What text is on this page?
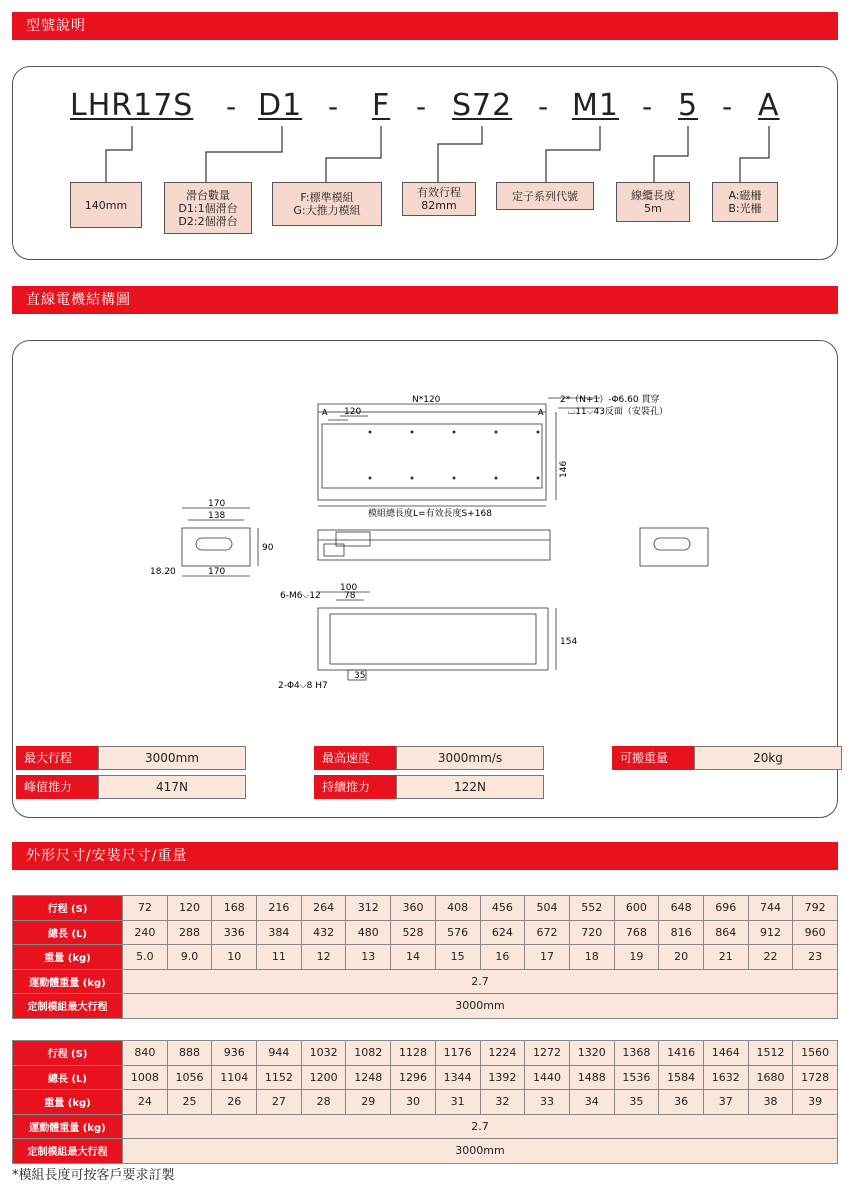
型號說明
LHR17S - D1 - F - S72 - M1 - 5 - A
140mm
滑台數量
D1:1個滑台
D2:2個滑台
F:標準模組
G:大推力模組
有效行程
82mm
定子系列代號	線纜長度
5m
A:磁柵
B:光柵
直線電機結構圖
N*120
A	A
120
2*（N+1）-Φ6.60 貫穿
⌴11⌵43反面（安裝孔）
146
模組總長度L=有效長度S+168
170
138
90
18.20	170
100
78
6-M6⌵12
154
35
2-Φ4⌵8 H7
最大行程	3000mm
峰值推力	417N
最高速度	3000mm/s
持續推力	122N
可搬重量	20kg
外形尺寸/安裝尺寸/重量
行程 (S)	72	120	168	216	264	312	360	408	456	504	552	600	648	696	744	792
總長 (L)	240	288	336	384	432	480	528	576	624	672	720	768	816	864	912	960
重量 (kg)	5.0	9.0	10	11	12	13	14	15	16	17	18	19	20	21	22	23
運動體重量 (kg)	2.7															
定制模組最大行程	3000mm															
行程 (S)	840	888	936	944	1032	1082	1128	1176	1224	1272	1320	1368	1416	1464	1512	1560
總長 (L)	1008	1056	1104	1152	1200	1248	1296	1344	1392	1440	1488	1536	1584	1632	1680	1728
重量 (kg)	24	25	26	27	28	29	30	31	32	33	34	35	36	37	38	39
運動體重量 (kg)	2.7															
定制模組最大行程	3000mm															
*模組長度可按客戶要求訂製
